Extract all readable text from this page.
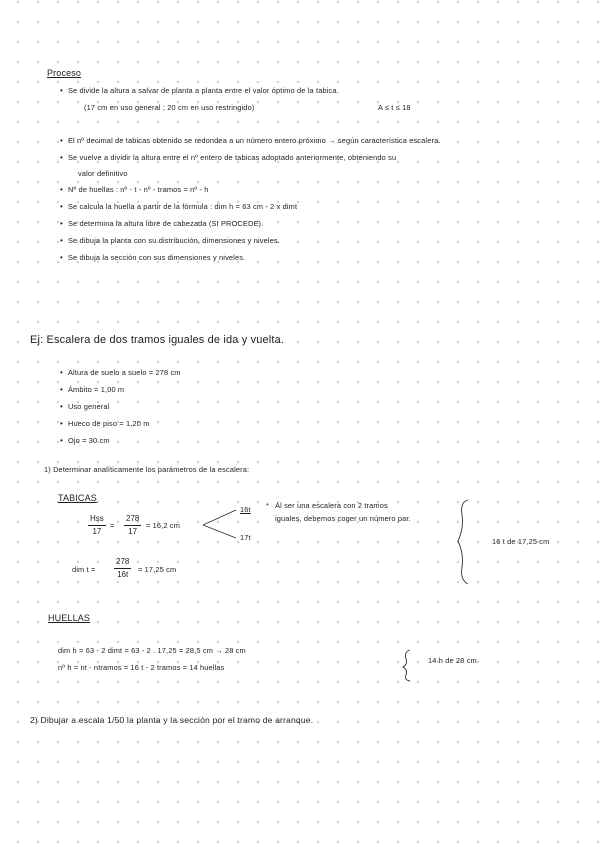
Proceso
• Se divide la altura a salvar de planta a planta entre el valor óptimo de la tabica.
(17 cm en uso general ; 20 cm en uso restringido)	A ≤ t ≤ 18
• El nº decimal de tabicas obtenido se redondea a un número entero próximo → según característica escalera.
• Se vuelve a dividir la altura entre el nº entero de tabicas adoptado anteriormente, obteniendo su
valor definitivo
• Nº de huellas : nº - t - nº - tramos = nº - h
• Se calcula la huella a partir de la fórmula : dim h = 63 cm - 2 x dimt
• Se determina la altura libre de cabezada (SI PROCEDE).
• Se dibuja la planta con su distribución, dimensiones y niveles.
• Se dibuja la sección con sus dimensiones y niveles.
Ej: Escalera de dos tramos iguales de ida y vuelta.
• Altura de suelo a suelo = 278 cm
• Ámbito = 1,00 m
• Uso general
• Hueco de piso = 1,20 m
• Ojo = 30 cm
1) Determinar analíticamente los parámetros de la escalera:
TABICAS
Hss
17
= $\frac{278}{17} = 16,2$ cm
16t
17t
* Al ser una escalera con 2 tramos
iguales, debemos coger un número par.
16 t de 17,25 cm
dim $t = \frac{278}{16t} = 17,25$ cm
HUELLAS
dim h = 63 - 2 dimt = 63 - 2 . 17,25 = 28,5 cm → 28 cm
nº h = nt - ntramos = 16 t - 2 tramos = 14 huellas
14 h de 28 cm
2) Dibujar a escala 1/50 la planta y la sección por el tramo de arranque.
